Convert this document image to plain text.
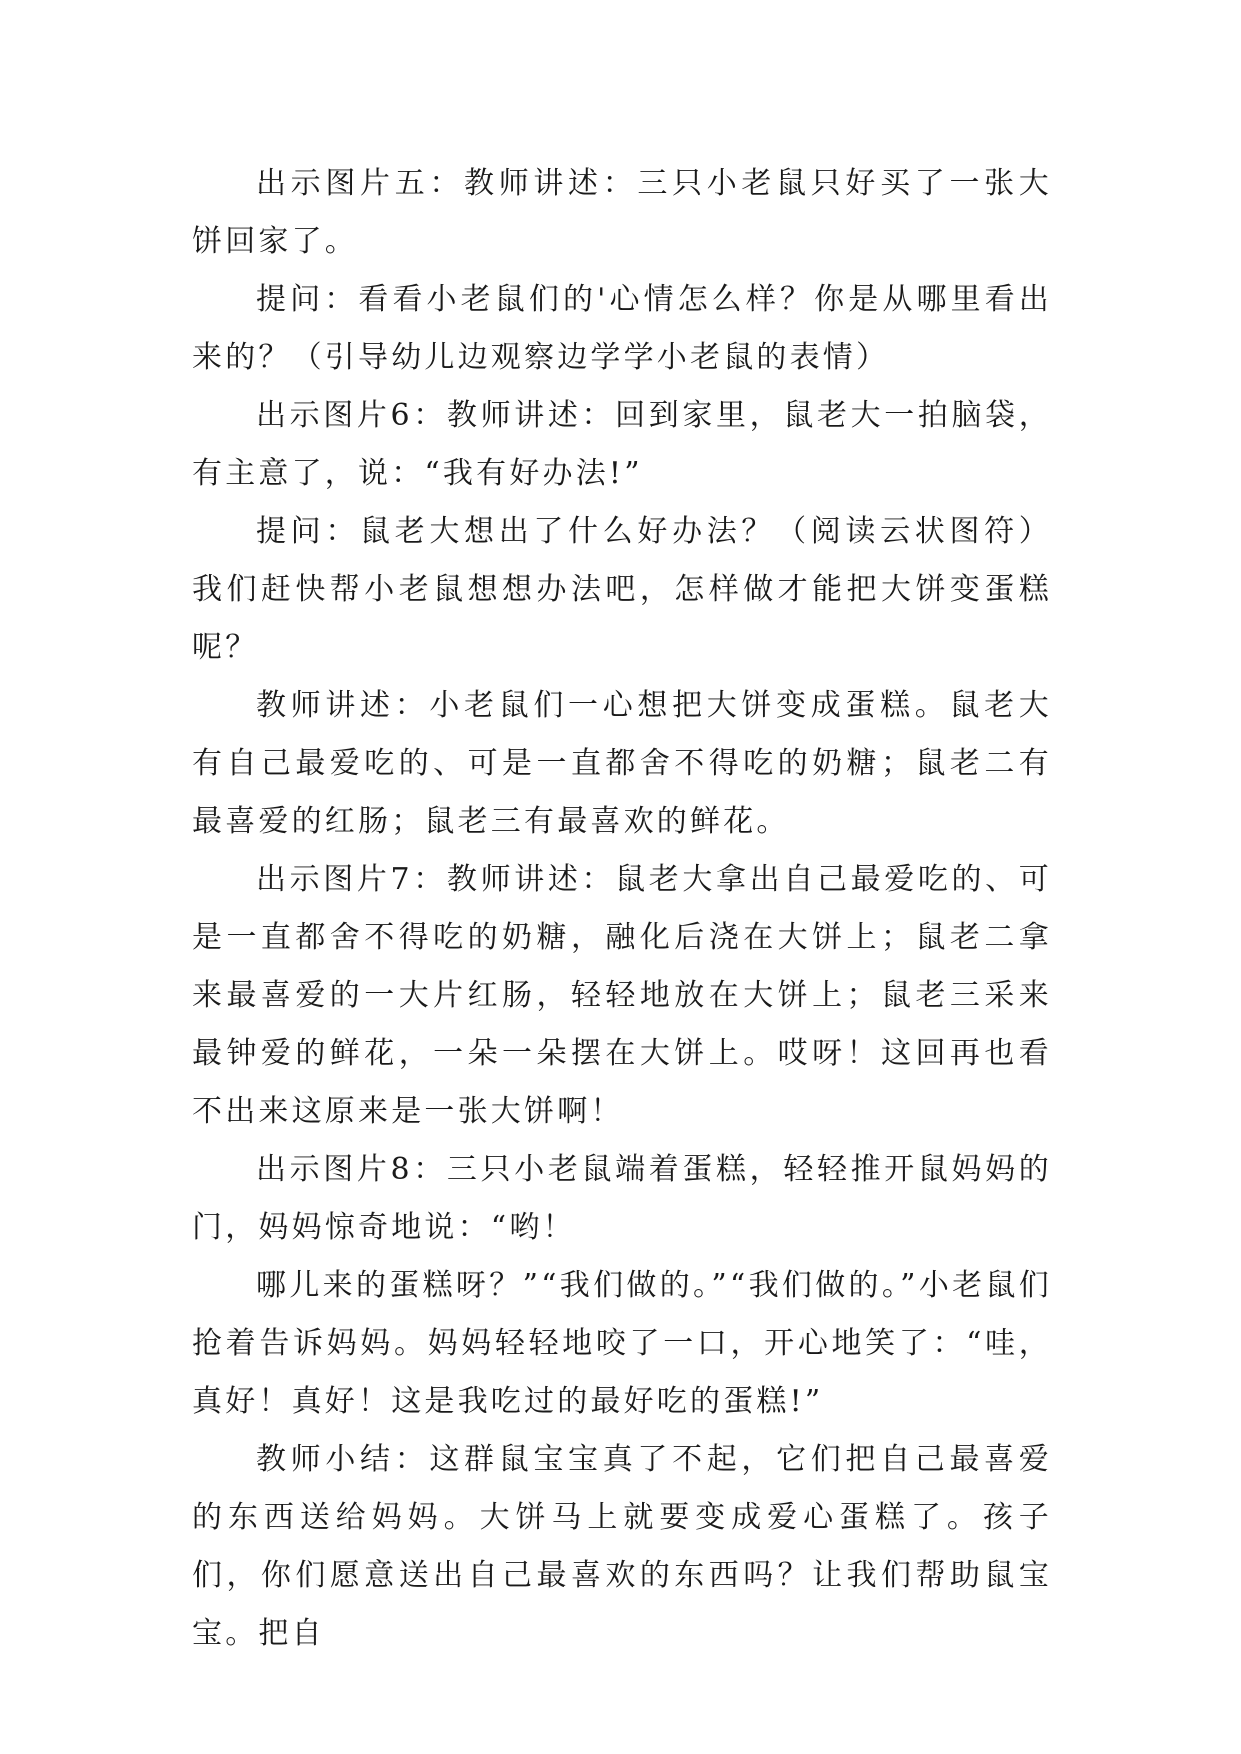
出示图片五：教师讲述：三只小老鼠只好买了一张大饼回家了。

提问：看看小老鼠们的'心情怎么样？你是从哪里看出来的？（引导幼儿边观察边学学小老鼠的表情）

出示图片6：教师讲述：回到家里，鼠老大一拍脑袋，有主意了，说：“我有好办法!”

提问：鼠老大想出了什么好办法？（阅读云状图符）我们赶快帮小老鼠想想办法吧，怎样做才能把大饼变蛋糕呢？

教师讲述：小老鼠们一心想把大饼变成蛋糕。鼠老大有自己最爱吃的、可是一直都舍不得吃的奶糖；鼠老二有最喜爱的红肠；鼠老三有最喜欢的鲜花。

出示图片7：教师讲述：鼠老大拿出自己最爱吃的、可是一直都舍不得吃的奶糖，融化后浇在大饼上；鼠老二拿来最喜爱的一大片红肠，轻轻地放在大饼上；鼠老三采来最钟爱的鲜花，一朵一朵摆在大饼上。哎呀！这回再也看不出来这原来是一张大饼啊！

出示图片8：三只小老鼠端着蛋糕，轻轻推开鼠妈妈的门，妈妈惊奇地说：“哟！

哪儿来的蛋糕呀？”“我们做的。”“我们做的。”小老鼠们抢着告诉妈妈。妈妈轻轻地咬了一口，开心地笑了：“哇，真好！真好！这是我吃过的最好吃的蛋糕!”

教师小结：这群鼠宝宝真了不起，它们把自己最喜爱的东西送给妈妈。大饼马上就要变成爱心蛋糕了。孩子们，你们愿意送出自己最喜欢的东西吗？让我们帮助鼠宝宝。把自
